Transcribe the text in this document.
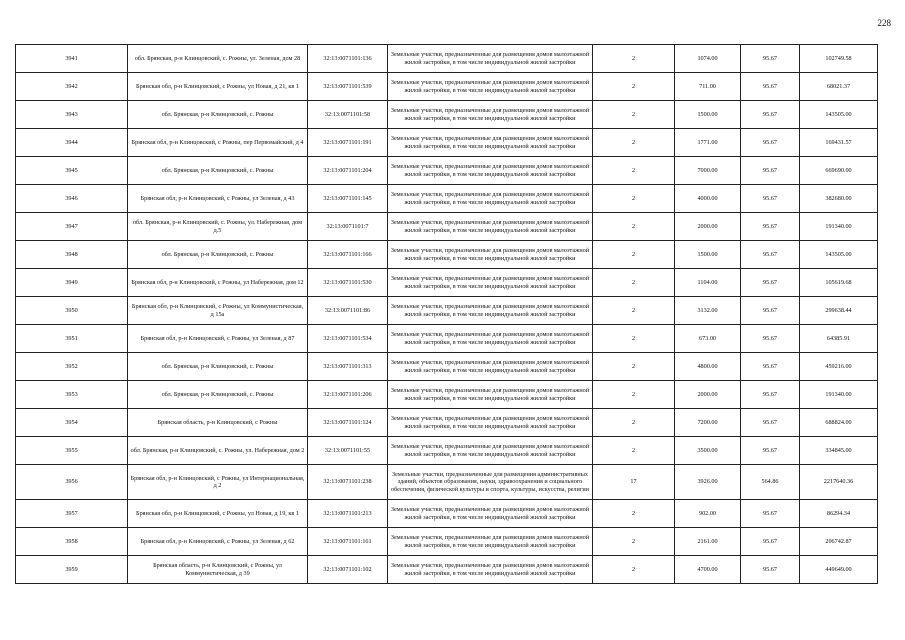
228
3941	обл. Брянская, р-н Клинцовский, с. Рожны, ул. Зеленая, дом 28	32:13:0071101:136	Земельные участки, предназначенные для размещения домов малоэтажной жилой застройки, в том числе индивидуальной жилой застройки	2	1074.00	95.67	102749.58
3942	Брянская обл, р-н Клинцовский, с Рожны, ул Новая, д 21, кв 1	32:13:0071101:539	Земельные участки, предназначенные для размещения домов малоэтажной жилой застройки, в том числе индивидуальной жилой застройки	2	711.00	95.67	68021.37
3943	обл. Брянская, р-н Клинцовский, с. Рожны	32:13:0071101:58	Земельные участки, предназначенные для размещения домов малоэтажной жилой застройки, в том числе индивидуальной жилой застройки	2	1500.00	95.67	143505.00
3944	Брянская обл, р-н Клинцовский, с Рожны, пер Первомайский, д 4	32:13:0071101:191	Земельные участки, предназначенные для размещения домов малоэтажной жилой застройки, в том числе индивидуальной жилой застройки	2	1771.00	95.67	169431.57
3945	обл. Брянская, р-н Клинцовский, с. Рожны	32:13:0071101:204	Земельные участки, предназначенные для размещения домов малоэтажной жилой застройки, в том числе индивидуальной жилой застройки	2	7000.00	95.67	669690.00
3946	Брянская обл, р-н Клинцовский, с Рожны, ул Зеленая, д 43	32:13:0071101:145	Земельные участки, предназначенные для размещения домов малоэтажной жилой застройки, в том числе индивидуальной жилой застройки	2	4000.00	95.67	382680.00
3947	обл. Брянская, р-н Клинцовский, с. Рожны, ул. Набережная, дом д.5	32:13:0071101:7	Земельные участки, предназначенные для размещения домов малоэтажной жилой застройки, в том числе индивидуальной жилой застройки	2	2000.00	95.67	191340.00
3948	обл. Брянская, р-н Клинцовский, с. Рожны	32:13:0071101:166	Земельные участки, предназначенные для размещения домов малоэтажной жилой застройки, в том числе индивидуальной жилой застройки	2	1500.00	95.67	143505.00
3949	Брянская обл, р-н Клинцовский, с Рожны, ул Набережная, дом 12	32:13:0071101:530	Земельные участки, предназначенные для размещения домов малоэтажной жилой застройки, в том числе индивидуальной жилой застройки	2	1104.00	95.67	105619.68
3950	Брянская обл, р-н Клинцовский, с Рожны, ул Коммунистическая, д 15а	32:13:0071101:86	Земельные участки, предназначенные для размещения домов малоэтажной жилой застройки, в том числе индивидуальной жилой застройки	2	3132.00	95.67	299638.44
3951	Брянская обл, р-н Клинцовский, с Рожны, ул Зеленая, д 87	32:13:0071101:534	Земельные участки, предназначенные для размещения домов малоэтажной жилой застройки, в том числе индивидуальной жилой застройки	2	673.00	95.67	64385.91
3952	обл. Брянская, р-н Клинцовский, с. Рожны	32:13:0071101:313	Земельные участки, предназначенные для размещения домов малоэтажной жилой застройки, в том числе индивидуальной жилой застройки	2	4800.00	95.67	459216.00
3953	обл. Брянская, р-н Клинцовский, с. Рожны	32:13:0071101:206	Земельные участки, предназначенные для размещения домов малоэтажной жилой застройки, в том числе индивидуальной жилой застройки	2	2000.00	95.67	191340.00
3954	Брянская область, р-н Клинцовский, с Рожны	32:13:0071101:124	Земельные участки, предназначенные для размещения домов малоэтажной жилой застройки, в том числе индивидуальной жилой застройки	2	7200.00	95.67	688824.00
3955	обл. Брянская, р-н Клинцовский, с. Рожны, ул. Набережная, дом 2	32:13:0071101:55	Земельные участки, предназначенные для размещения домов малоэтажной жилой застройки, в том числе индивидуальной жилой застройки	2	3500.00	95.67	334845.00
3956	Брянская обл, р-н Клинцовский, с Рожны, ул Интернациональная, д 2	32:13:0071101:238	Земельные участки, предназначенные для размещения административных зданий, объектов образования, науки, здравоохранения и социального обеспечения, физической культуры и спорта, культуры, искусства, религии	17	3926.00	564.86	2217640.36
3957	Брянская обл, р-н Клинцовский, с Рожны, ул Новая, д 19, кв 1	32:13:0071101:213	Земельные участки, предназначенные для размещения домов малоэтажной жилой застройки, в том числе индивидуальной жилой застройки	2	902.00	95.67	86294.34
3958	Брянская обл, р-н Клинцовский, с Рожны, ул Зеленая, д 62	32:13:0071101:161	Земельные участки, предназначенные для размещения домов малоэтажной жилой застройки, в том числе индивидуальной жилой застройки	2	2161.00	95.67	206742.87
3959	Брянская область, р-н Клинцовский, с Рожны, ул Коммунистическая, д 39	32:13:0071101:102	Земельные участки, предназначенные для размещения домов малоэтажной жилой застройки, в том числе индивидуальной жилой застройки	2	4700.00	95.67	449649.00
